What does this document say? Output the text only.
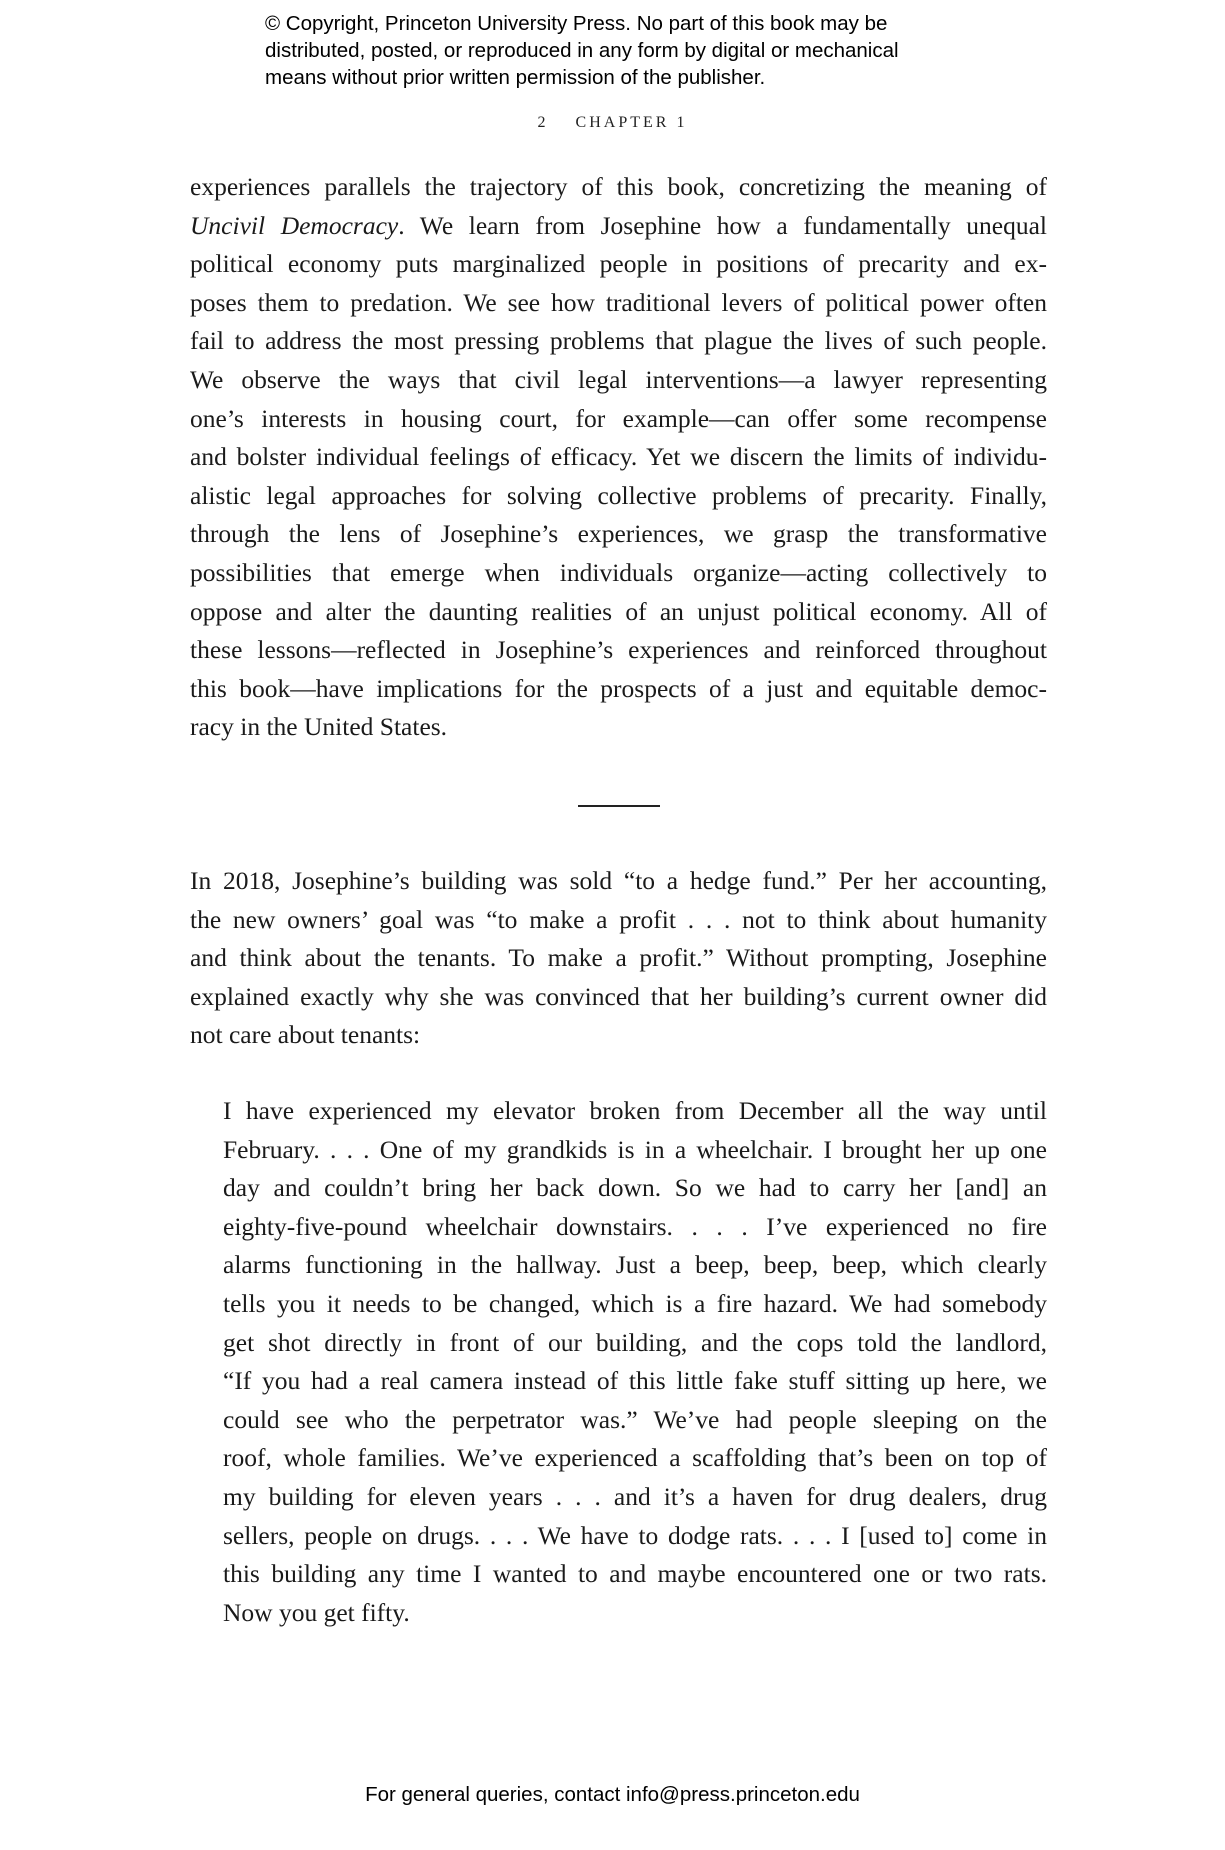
© Copyright, Princeton University Press. No part of this book may be
distributed, posted, or reproduced in any form by digital or mechanical
means without prior written permission of the publisher.
2 CHAPTER 1
experiences parallels the trajectory of this book, concretizing the meaning of
Uncivil Democracy. We learn from Josephine how a fundamentally unequal
political economy puts marginalized people in positions of precarity and ex-
poses them to predation. We see how traditional levers of political power often
fail to address the most pressing problems that plague the lives of such people.
We observe the ways that civil legal interventions—a lawyer representing
one’s interests in housing court, for example—can offer some recompense
and bolster individual feelings of efficacy. Yet we discern the limits of individu-
alistic legal approaches for solving collective problems of precarity. Finally,
through the lens of Josephine’s experiences, we grasp the transformative
possibilities that emerge when individuals organize—acting collectively to
oppose and alter the daunting realities of an unjust political economy. All of
these lessons—reflected in Josephine’s experiences and reinforced throughout
this book—have implications for the prospects of a just and equitable democ-
racy in the United States.
In 2018, Josephine’s building was sold “to a hedge fund.” Per her accounting,
the new owners’ goal was “to make a profit . . . not to think about humanity
and think about the tenants. To make a profit.” Without prompting, Josephine
explained exactly why she was convinced that her building’s current owner did
not care about tenants:
I have experienced my elevator broken from December all the way until
February. . . . One of my grandkids is in a wheelchair. I brought her up one
day and couldn’t bring her back down. So we had to carry her [and] an
eighty-five-pound wheelchair downstairs. . . . I’ve experienced no fire
alarms functioning in the hallway. Just a beep, beep, beep, which clearly
tells you it needs to be changed, which is a fire hazard. We had somebody
get shot directly in front of our building, and the cops told the landlord,
“If you had a real camera instead of this little fake stuff sitting up here, we
could see who the perpetrator was.” We’ve had people sleeping on the
roof, whole families. We’ve experienced a scaffolding that’s been on top of
my building for eleven years . . . and it’s a haven for drug dealers, drug
sellers, people on drugs. . . . We have to dodge rats. . . . I [used to] come in
this building any time I wanted to and maybe encountered one or two rats.
Now you get fifty.
For general queries, contact info@press.princeton.edu
